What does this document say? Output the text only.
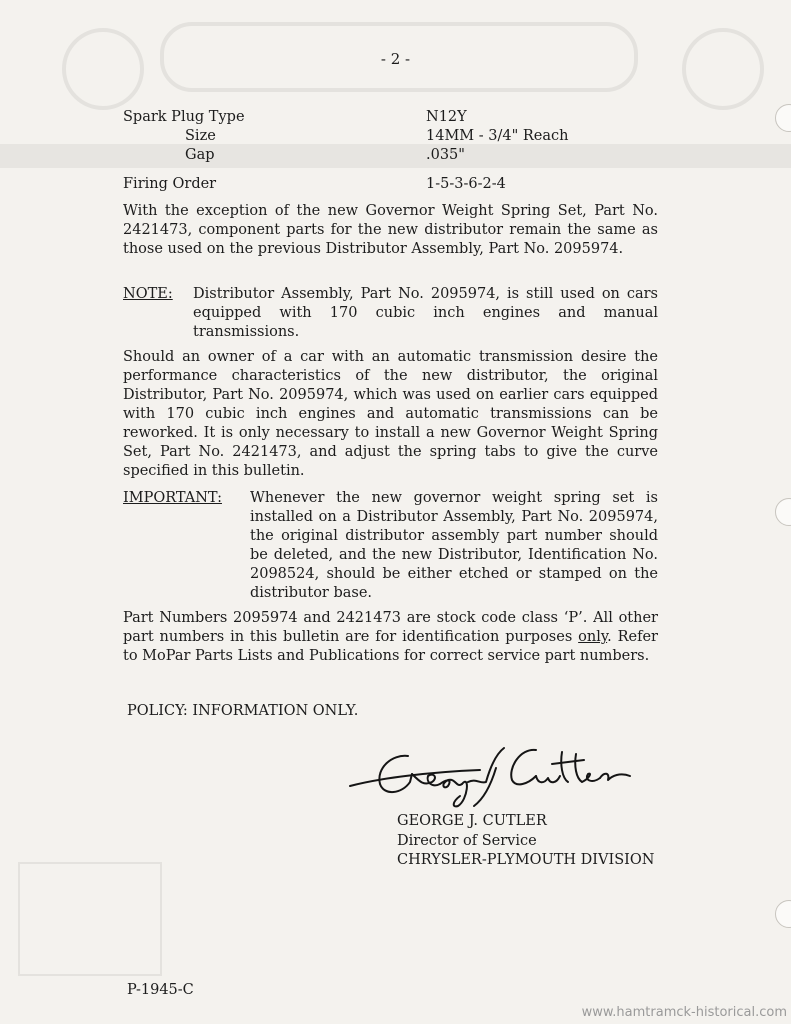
- 2 -
Spark Plug Type	N12Y
Size	14MM - 3/4" Reach
Gap	.035"
Firing Order	1-5-3-6-2-4
With the exception of the new Governor Weight Spring Set, Part No. 2421473, component parts for the new distributor remain the same as those used on the previous Distributor Assembly, Part No. 2095974.
NOTE: Distributor Assembly, Part No. 2095974, is still used on cars equipped with 170 cubic inch engines and manual transmissions.
Should an owner of a car with an automatic transmission desire the performance characteristics of the new distributor, the original Distributor, Part No. 2095974, which was used on earlier cars equipped with 170 cubic inch engines and automatic transmissions can be reworked. It is only necessary to install a new Governor Weight Spring Set, Part No. 2421473, and adjust the spring tabs to give the curve specified in this bulletin.
IMPORTANT: Whenever the new governor weight spring set is installed on a Distributor Assembly, Part No. 2095974, the original distributor assembly part number should be deleted, and the new Distributor, Identification No. 2098524, should be either etched or stamped on the distributor base.
Part Numbers 2095974 and 2421473 are stock code class ‘P’. All other part numbers in this bulletin are for identification purposes only. Refer to MoPar Parts Lists and Publications for correct service part numbers.
POLICY: INFORMATION ONLY.
GEORGE J. CUTLER
Director of Service
CHRYSLER-PLYMOUTH DIVISION
P-1945-C
www.hamtramck-historical.com
